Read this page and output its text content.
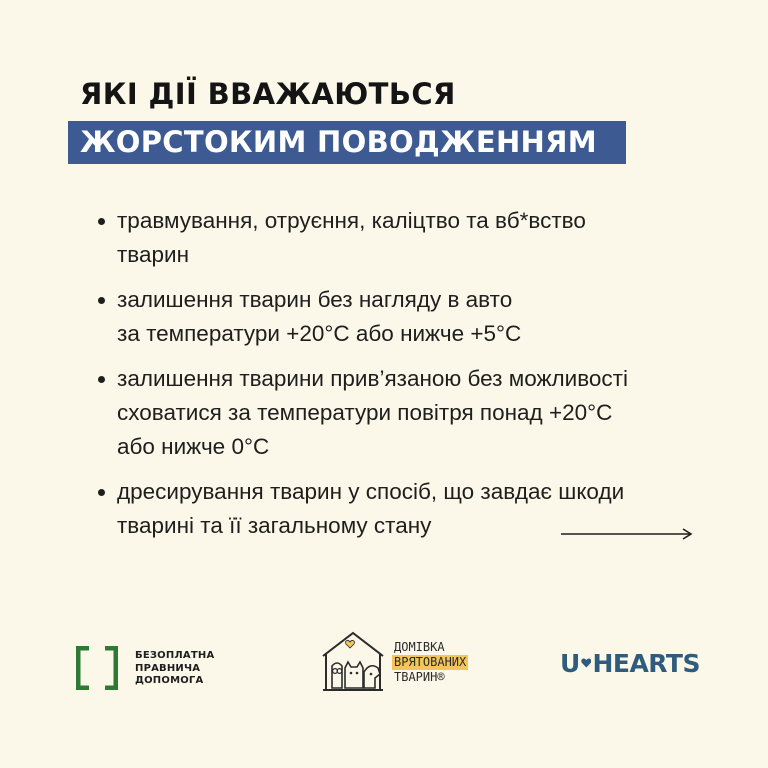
ЯКІ ДІЇ ВВАЖАЮТЬСЯ
ЖОРСТОКИМ ПОВОДЖЕННЯМ
травмування, отруєння, каліцтво та вб*вство
тварин
залишення тварин без нагляду в авто
за температури +20°C або нижче +5°C
залишення тварини прив’язаною без можливості
сховатися за температури повітря понад +20°C
або нижче 0°C
дресирування тварин у спосіб, що завдає шкоди
тварині та її загальному стану
БЕЗОПЛАТНА
ПРАВНИЧА
ДОПОМОГА
ДОМІВКА
ВРЯТОВАНИХ
ТВАРИН®	U HEARTS
